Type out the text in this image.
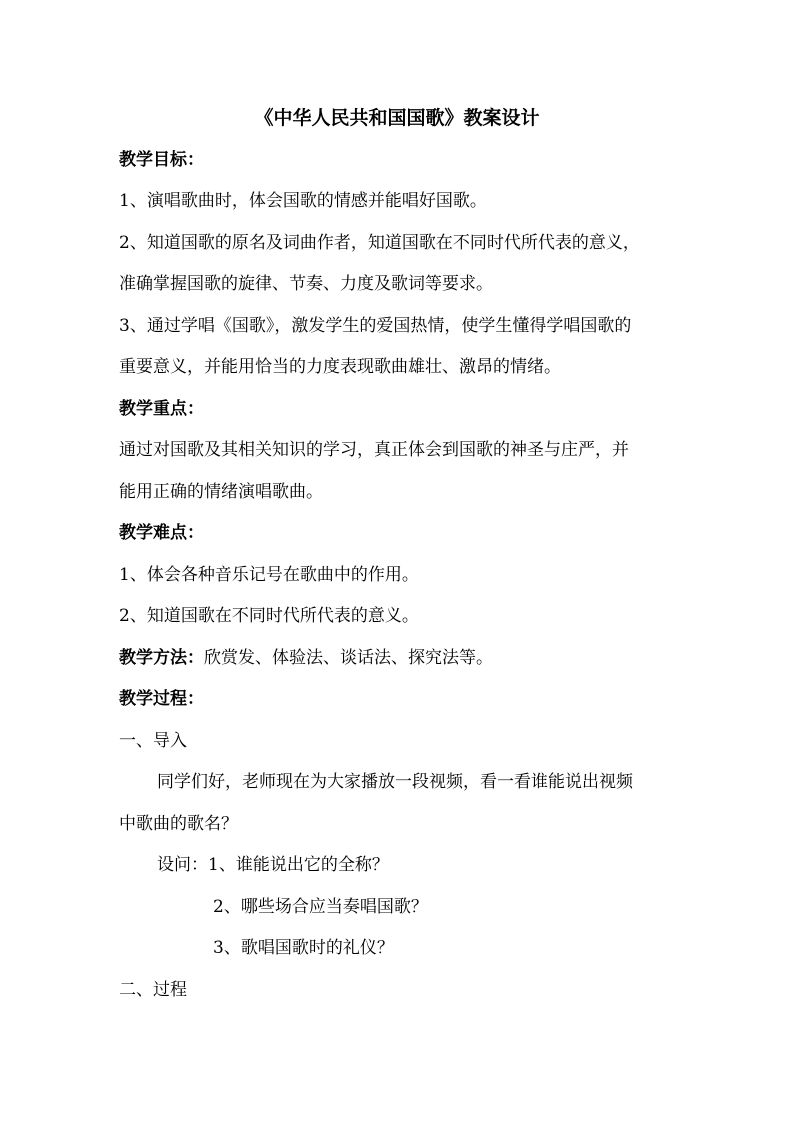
《中华人民共和国国歌》教案设计
教学目标：
1、演唱歌曲时，体会国歌的情感并能唱好国歌。
2、知道国歌的原名及词曲作者，知道国歌在不同时代所代表的意义，
准确掌握国歌的旋律、节奏、力度及歌词等要求。
3、通过学唱《国歌》，激发学生的爱国热情，使学生懂得学唱国歌的
重要意义，并能用恰当的力度表现歌曲雄壮、激昂的情绪。
教学重点：
通过对国歌及其相关知识的学习，真正体会到国歌的神圣与庄严，并
能用正确的情绪演唱歌曲。
教学难点：
1、体会各种音乐记号在歌曲中的作用。
2、知道国歌在不同时代所代表的意义。
教学方法：欣赏发、体验法、谈话法、探究法等。
教学过程：
一、导入
同学们好，老师现在为大家播放一段视频，看一看谁能说出视频
中歌曲的歌名？
设问：1、谁能说出它的全称？
2、哪些场合应当奏唱国歌？
3、歌唱国歌时的礼仪？
二、过程
